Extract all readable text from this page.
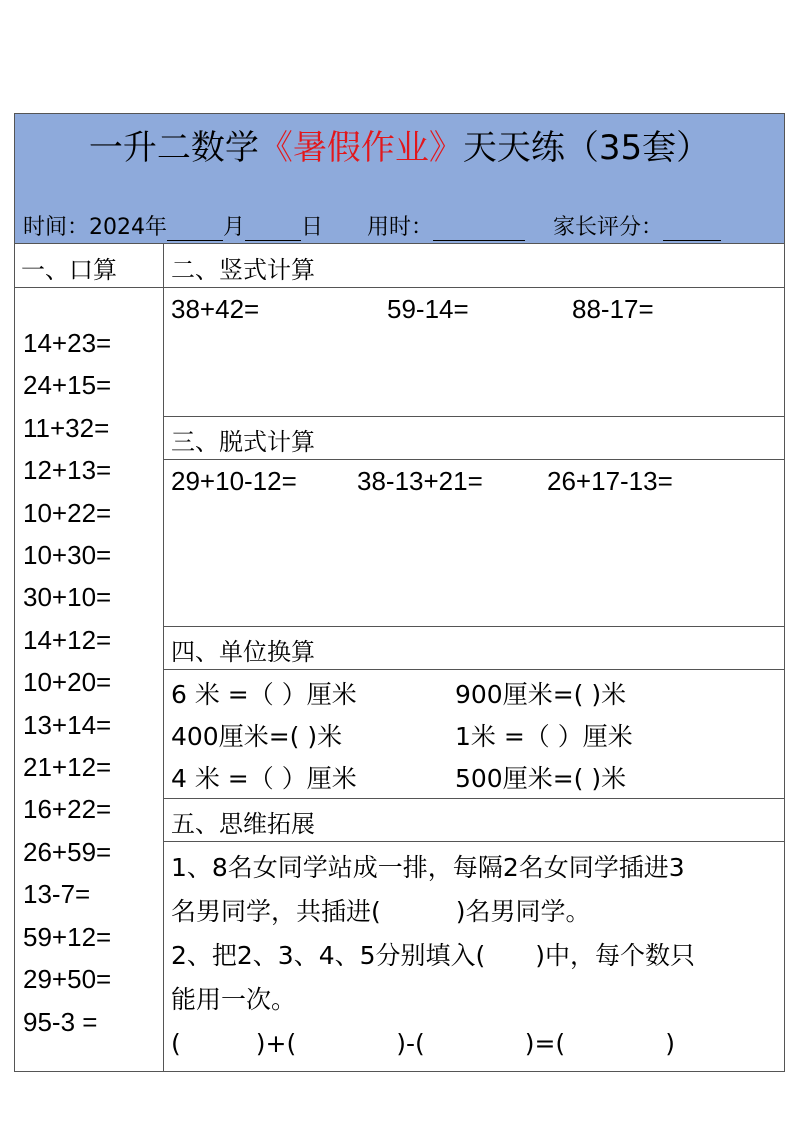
一升二数学《暑假作业》天天练（35套）
时间：2024年	月	日 用时：	家长评分：
一、口算 二、竖式计算
三、脱式计算
四、单位换算
五、思维拓展
14+23=
24+15=
11+32=
12+13=
10+22=
10+30=
30+10=
14+12=
10+20=
13+14=
21+12=
16+22=
26+59=
13-7=
59+12=
29+50=
95-3 =
38+42=	59-14=	88-17=
29+10-12= 38-13+21= 26+17-13=
6 米 =（ ）厘米	900厘米=( )米
400厘米=( )米	1米 =（ ）厘米
4 米 =（ ）厘米	500厘米=( )米
1、8名女同学站成一排，每隔2名女同学插进3
名男同学，共插进(　　　)名男同学。
2、把2、3、4、5分别填入(　　)中，每个数只
能用一次。
(　　　)+(　　　　)-(　　　　)=(　　　　)
